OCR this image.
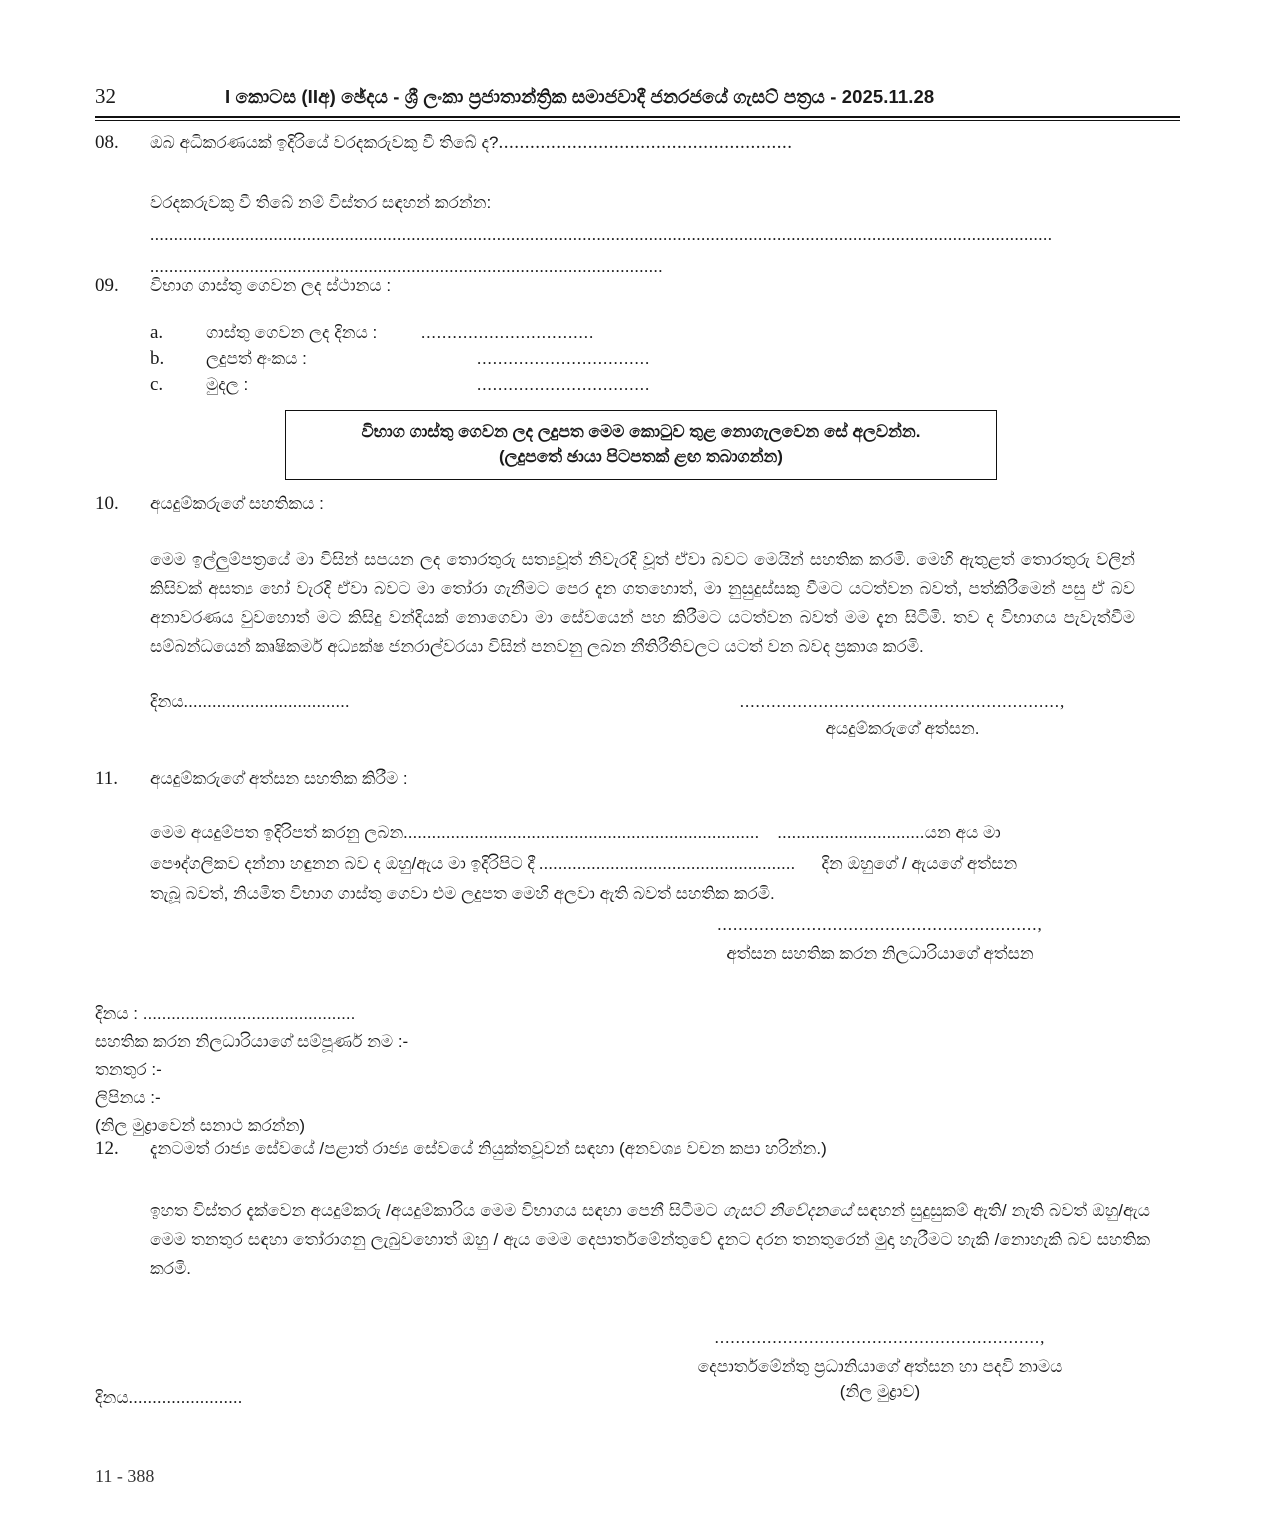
32	I කොටස (IIඅ) ඡේදය - ශ්‍රී ලංකා ප්‍රජාතාන්ත්‍රික සමාජවාදී ජනරජයේ ගැසට් පත්‍රය - 2025.11.28
08.	ඔබ අධිකරණයක් ඉදිරියේ වරදකරුවකු වී තිබේ ද?........................................................
වරදකරුවකු වී තිබේ නම් විස්තර සඳහන් කරන්න:
..............................................................................................................................................................................................
............................................................................................................
09.	විභාග ගාස්තු ගෙවන ලද ස්ථානය :
a.	ගාස්තු ගෙවන ලද දිනය :	.................................
b.	ලදුපත් අංකය :	.................................
c.	මුදල :	.................................
විභාග ගාස්තු ගෙවන ලද ලදුපත මෙම කොටුව තුළ නොගැලවෙන සේ අලවන්න.
(ලදුපතේ ඡායා පිටපතක් ළඟ තබාගන්න)
10.	අයදුම්කරුගේ සහතිකය :
මෙම ඉල්ලුම්පත්‍රයේ මා විසින් සපයන ලද තොරතුරු සත්‍යවූත් නිවැරදි වූත් ඒවා බවට මෙයින් සහතික කරමි. මෙහි ඇතුළත් තොරතුරු වලින් කිසිවක් අසත්‍ය හෝ වැරදි ඒවා බවට මා තෝරා ගැනීමට පෙර දැන ගතහොත්, මා නුසුදුස්සකු වීමට යටත්වන බවත්, පත්කිරීමෙන් පසු ඒ බව අනාවරණය වුවහොත් මට කිසිදු වන්දියක් නොගෙවා මා සේවයෙන් පහ කිරීමට යටත්වන බවත් මම දැන සිටිමි. තව ද විභාගය පැවැත්වීම සම්බන්ධයෙන් කෘෂිකර්ම අධ්‍යක්ෂ ජනරාල්වරයා විසින් පනවනු ලබන නීතිරීතිවලට යටත් වන බවද ප්‍රකාශ කරමි.
දිනය...................................	.............................................................,
අයදුම්කරුගේ අත්සන.
11.	අයදුම්කරුගේ අත්සන සහතික කිරීම :
මෙම අයදුම්පත ඉදිරිපත් කරනු ලබන........................................................................... ...............................යන අය මා
පෞද්ගලිකව දන්නා හඳුනන බව ද ඔහු/ඇය මා ඉදිරිපිට දී ...................................................... දින ඔහුගේ / ඇයගේ අත්සන
තැබූ බවත්, නියමිත විභාග ගාස්තු ගෙවා එම ලදුපත මෙහි අලවා ඇති බවත් සහතික කරමි.
.............................................................,
අත්සන සහතික කරන නිලධාරියාගේ අත්සන
දිනය : .............................................
සහතික කරන නිලධාරියාගේ සම්පූර්ණ නම :-
තනතුර :-
ලිපිනය :-
(නිල මුද්‍රාවෙන් සනාථ කරන්න)
12.	දැනටමත් රාජ්‍ය සේවයේ /පළාත් රාජ්‍ය සේවයේ නියුක්තවූවන් සඳහා (අනවශ්‍ය වචන කපා හරින්න.)
ඉහත විස්තර දැක්වෙන අයදුම්කරු /අයදුම්කාරිය මෙම විභාගය සඳහා පෙනී සිටීමට ගැසට් නිවේදනයේ සඳහන් සුදුසුකම් ඇති/ නැති බවත් ඔහු/ඇය මෙම තනතුර සඳහා තෝරාගනු ලැබුවහොත් ඔහු / ඇය මෙම දෙපාර්තමේන්තුවේ දැනට දරන තනතුරෙන් මුදා හැරීමට හැකි /නොහැකි බව සහතික කරමි.
..............................................................,
දෙපාර්තමේන්තු ප්‍රධානියාගේ අත්සන හා පදවි නාමය
(නිල මුද්‍රාව)
දිනය........................
11 - 388
